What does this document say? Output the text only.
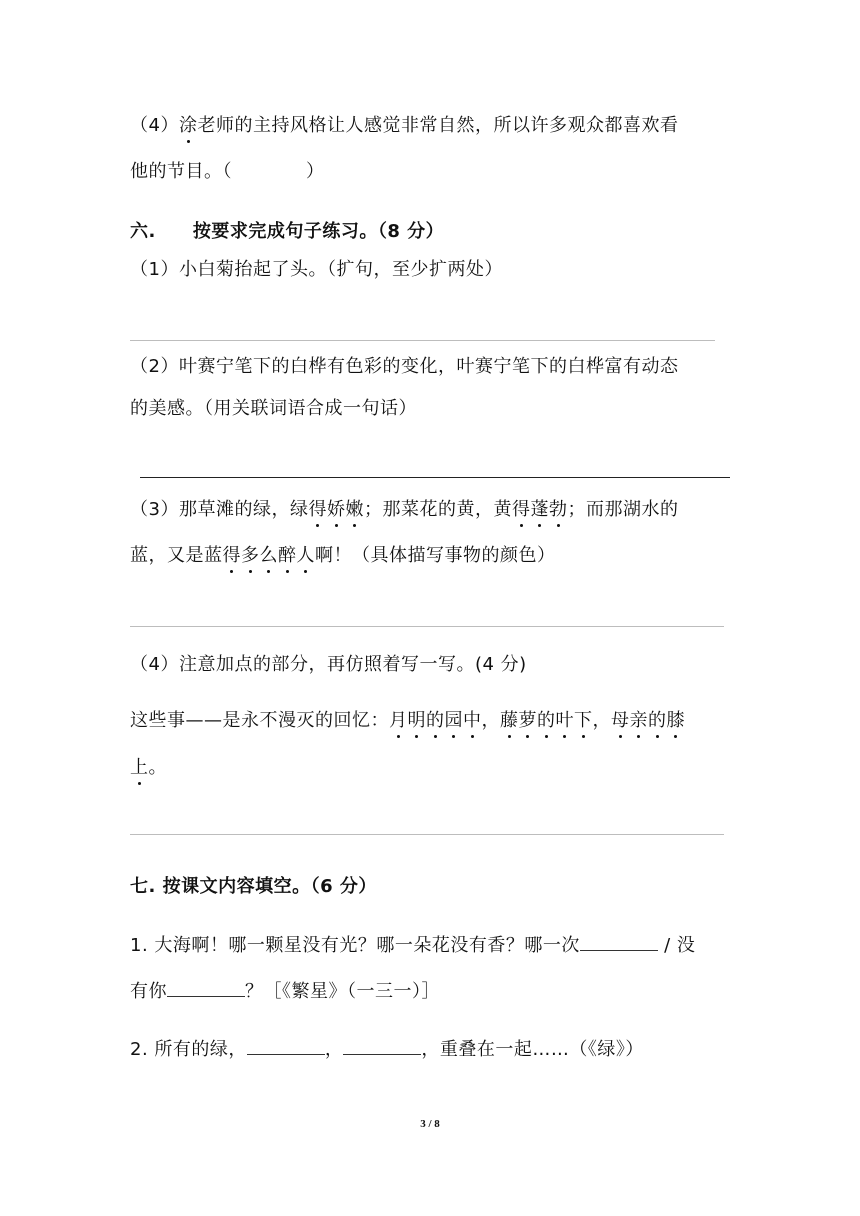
（4）涂老师的主持风格让人感觉非常自然，所以许多观众都喜欢看
他的节目。（　　　　）
六.　　按要求完成句子练习。（8 分）
（1）小白菊抬起了头。（扩句，至少扩两处）
（2）叶赛宁笔下的白桦有色彩的变化，叶赛宁笔下的白桦富有动态
的美感。（用关联词语合成一句话）
（3）那草滩的绿，绿得娇嫩；那菜花的黄，黄得蓬勃；而那湖水的
蓝，又是蓝得多么醉人啊！（具体描写事物的颜色）
（4）注意加点的部分，再仿照着写一写。(4 分)
这些事——是永不漫灭的回忆：月明的园中，藤萝的叶下，母亲的膝
上。
七. 按课文内容填空。（6 分）
1. 大海啊！哪一颗星没有光？哪一朵花没有香？哪一次	/ 没
有你	？［《繁星》（一三一）］
2. 所有的绿，	，	，重叠在一起……（《绿》）
3 / 8
